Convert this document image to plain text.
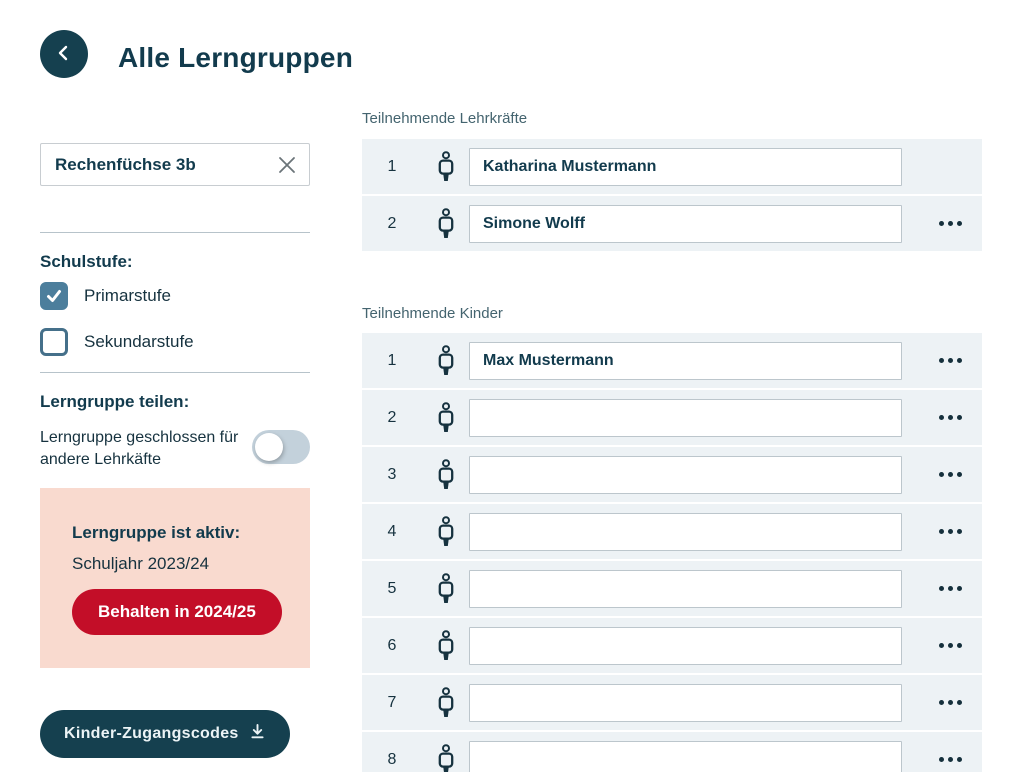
Alle Lerngruppen
Rechenfüchse 3b
Schulstufe:
Primarstufe
Sekundarstufe
Lerngruppe teilen:
Lerngruppe geschlossen für andere Lehrkäfte
Lerngruppe ist aktiv:
Schuljahr 2023/24
Behalten in 2024/25
Kinder-Zugangscodes
Teilnehmende Lehrkräfte
1
Katharina Mustermann
2
Simone Wolff
Teilnehmende Kinder
1
Max Mustermann
2
3
4
5
6
7
8
